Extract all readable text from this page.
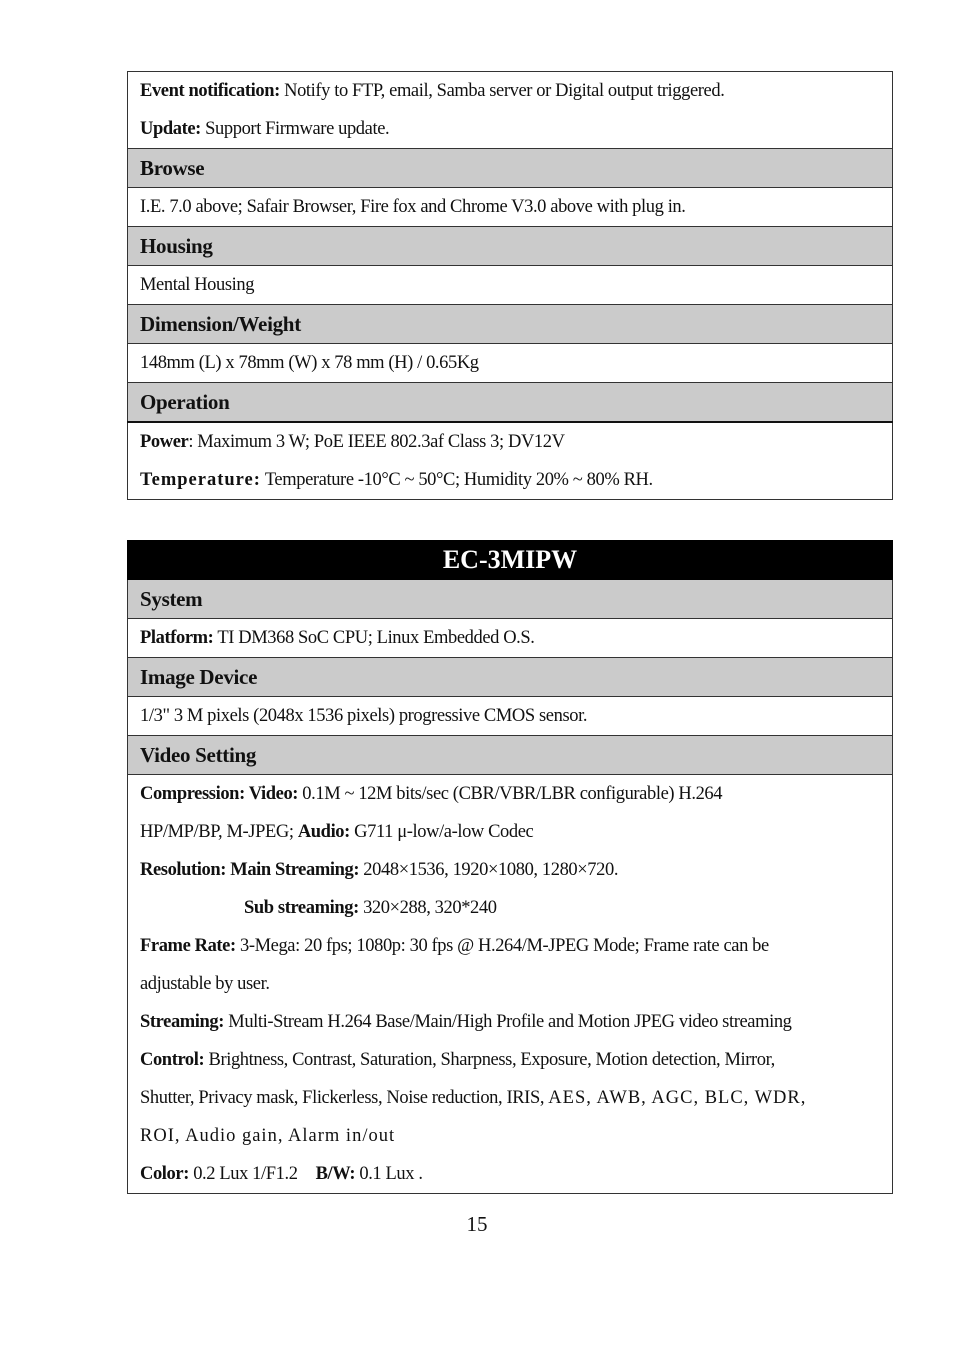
Event notification: Notify to FTP, email, Samba server or Digital output triggered.
Update: Support Firmware update.

Browse
I.E. 7.0 above; Safair Browser, Fire fox and Chrome V3.0 above with plug in.
Housing
Mental Housing
Dimension/Weight
148mm (L) x 78mm (W) x 78 mm (H) / 0.65Kg
Operation

Power: Maximum 3 W; PoE IEEE 802.3af Class 3; DV12V
Temperature: Temperature -10°C ~ 50°C; Humidity 20% ~ 80% RH.
EC-3MIPW
System
Platform: TI DM368 SoC CPU; Linux Embedded O.S.
Image Device
1/3" 3 M pixels (2048x 1536 pixels) progressive CMOS sensor.
Video Setting

Compression: Video: 0.1M ~ 12M bits/sec (CBR/VBR/LBR configurable) H.264
HP/MP/BP, M-JPEG; Audio: G711 μ-low/a-low Codec
Resolution: Main Streaming: 2048×1536, 1920×1080, 1280×720.
Sub streaming: 320×288, 320*240
Frame Rate: 3-Mega: 20 fps; 1080p: 30 fps @ H.264/M-JPEG Mode; Frame rate can be
adjustable by user.
Streaming: Multi-Stream H.264 Base/Main/High Profile and Motion JPEG video streaming
Control: Brightness, Contrast, Saturation, Sharpness, Exposure, Motion detection, Mirror,
Shutter, Privacy mask, Flickerless, Noise reduction, IRIS, AES, AWB, AGC, BLC, WDR,
ROI, Audio gain, Alarm in/out
Color: 0.2 Lux 1/F1.2 B/W: 0.1 Lux .
15
